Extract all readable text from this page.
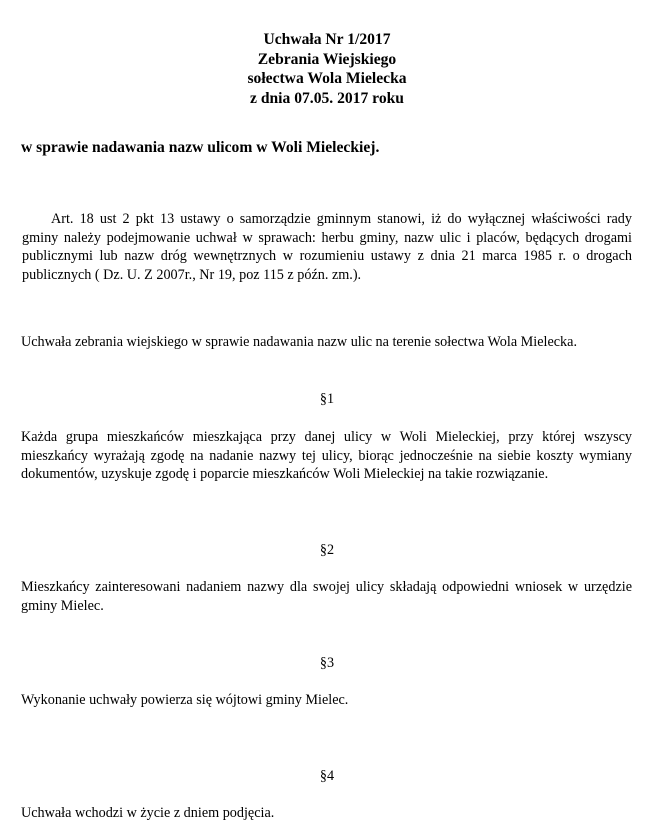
Uchwała Nr 1/2017
Zebrania Wiejskiego
sołectwa Wola Mielecka
z dnia 07.05. 2017 roku
w sprawie nadawania nazw ulicom w Woli Mieleckiej.

Art. 18 ust 2 pkt 13 ustawy o samorządzie gminnym stanowi, iż do wyłącznej właściwości rady gminy należy podejmowanie uchwał w sprawach: herbu gminy, nazw ulic i placów, będących drogami publicznymi lub nazw dróg wewnętrznych w rozumieniu ustawy z dnia 21 marca 1985 r. o drogach publicznych ( Dz. U. Z 2007r., Nr 19, poz 115 z późn. zm.).

Uchwała zebrania wiejskiego w sprawie nadawania nazw ulic na terenie sołectwa Wola Mielecka.

§1

Każda grupa mieszkańców mieszkająca przy danej ulicy w Woli Mieleckiej, przy której wszyscy mieszkańcy wyrażają zgodę na nadanie nazwy tej ulicy, biorąc jednocześnie na siebie koszty wymiany dokumentów, uzyskuje zgodę i poparcie mieszkańców Woli Mieleckiej na takie rozwiązanie.

§2

Mieszkańcy zainteresowani nadaniem nazwy dla swojej ulicy składają odpowiedni wniosek w urzędzie gminy Mielec.

§3

Wykonanie uchwały powierza się wójtowi gminy Mielec.

§4

Uchwała wchodzi w życie z dniem podjęcia.
